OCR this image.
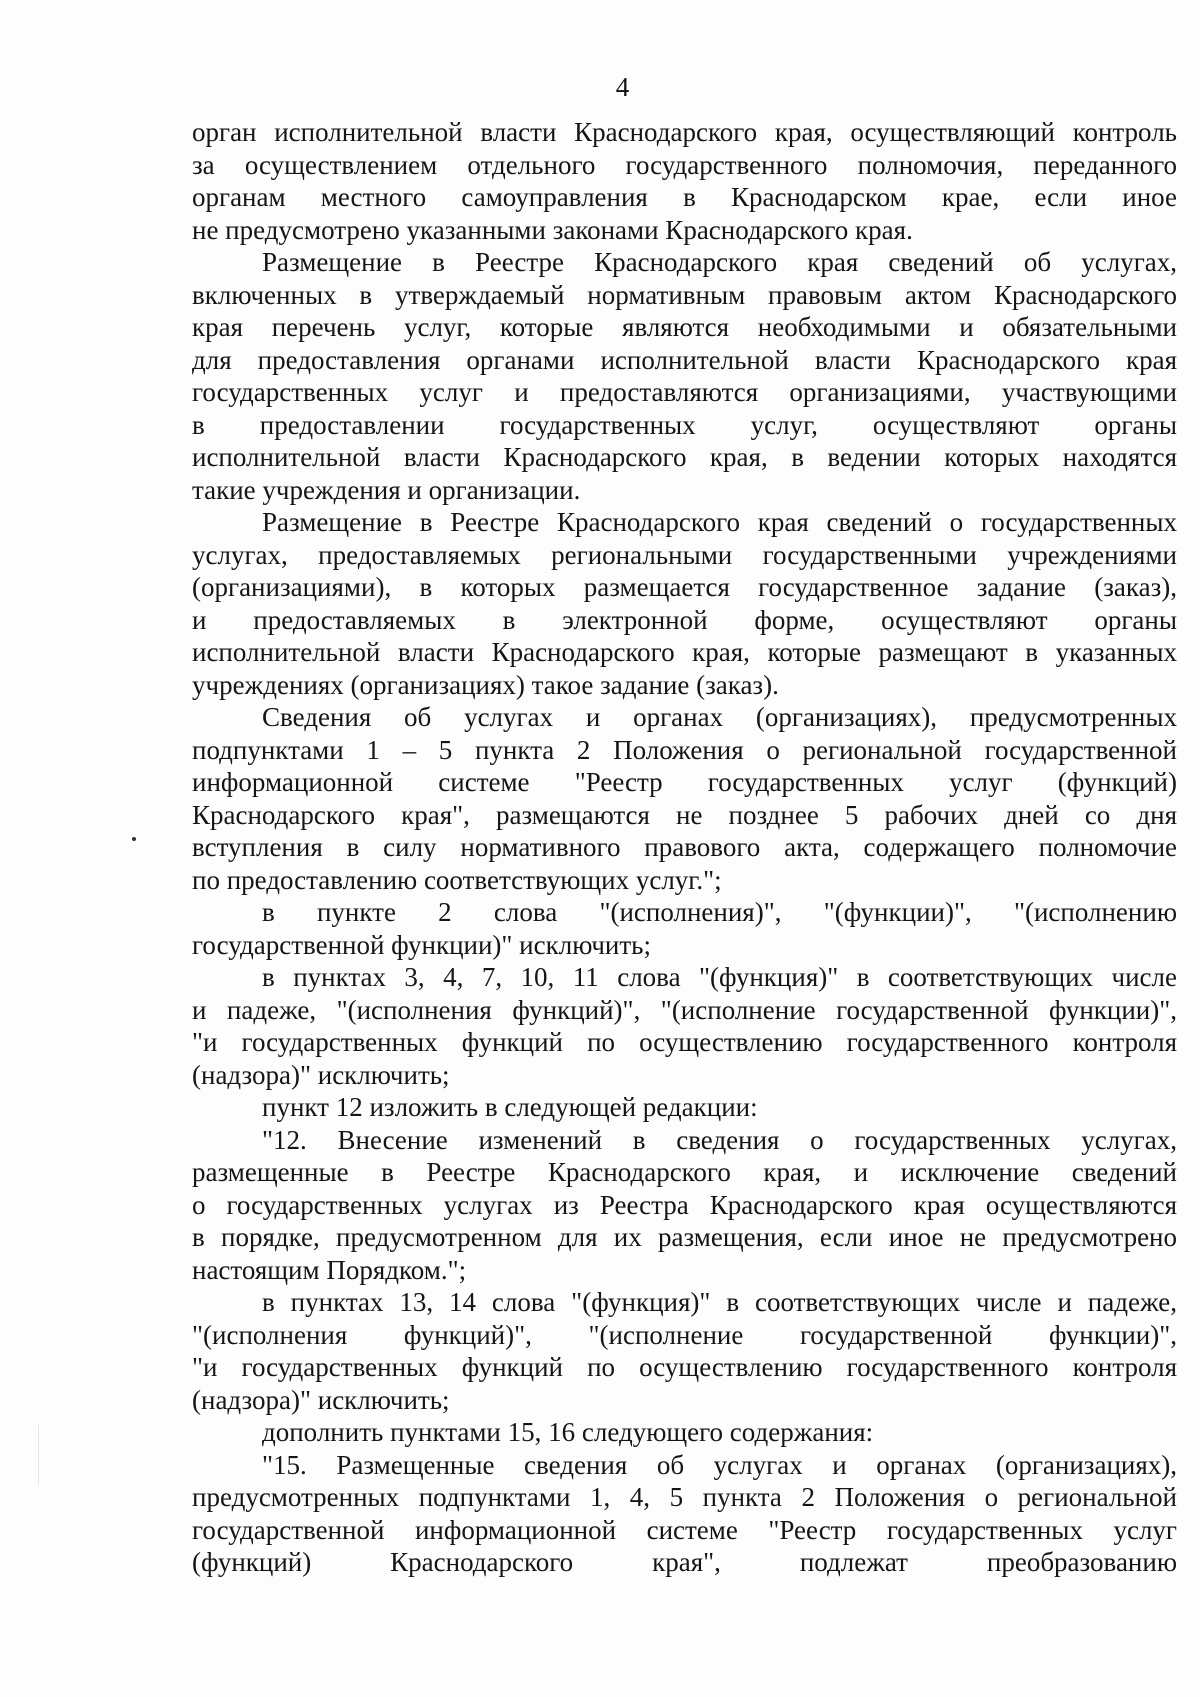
4
орган исполнительной власти Краснодарского края, осуществляющий контроль
за осуществлением отдельного государственного полномочия, переданного
органам местного самоуправления в Краснодарском крае, если иное
не предусмотрено указанными законами Краснодарского края.
Размещение в Реестре Краснодарского края сведений об услугах,
включенных в утверждаемый нормативным правовым актом Краснодарского
края перечень услуг, которые являются необходимыми и обязательными
для предоставления органами исполнительной власти Краснодарского края
государственных услуг и предоставляются организациями, участвующими
в предоставлении государственных услуг, осуществляют органы
исполнительной власти Краснодарского края, в ведении которых находятся
такие учреждения и организации.
Размещение в Реестре Краснодарского края сведений о государственных
услугах, предоставляемых региональными государственными учреждениями
(организациями), в которых размещается государственное задание (заказ),
и предоставляемых в электронной форме, осуществляют органы
исполнительной власти Краснодарского края, которые размещают в указанных
учреждениях (организациях) такое задание (заказ).
Сведения об услугах и органах (организациях), предусмотренных
подпунктами 1 – 5 пункта 2 Положения о региональной государственной
информационной системе "Реестр государственных услуг (функций)
Краснодарского края", размещаются не позднее 5 рабочих дней со дня
вступления в силу нормативного правового акта, содержащего полномочие
по предоставлению соответствующих услуг.";
в пункте 2 слова "(исполнения)", "(функции)", "(исполнению
государственной функции)" исключить;
в пунктах 3, 4, 7, 10, 11 слова "(функция)" в соответствующих числе
и падеже, "(исполнения функций)", "(исполнение государственной функции)",
"и государственных функций по осуществлению государственного контроля
(надзора)" исключить;
пункт 12 изложить в следующей редакции:
"12. Внесение изменений в сведения о государственных услугах,
размещенные в Реестре Краснодарского края, и исключение сведений
о государственных услугах из Реестра Краснодарского края осуществляются
в порядке, предусмотренном для их размещения, если иное не предусмотрено
настоящим Порядком.";
в пунктах 13, 14 слова "(функция)" в соответствующих числе и падеже,
"(исполнения функций)", "(исполнение государственной функции)",
"и государственных функций по осуществлению государственного контроля
(надзора)" исключить;
дополнить пунктами 15, 16 следующего содержания:
"15. Размещенные сведения об услугах и органах (организациях),
предусмотренных подпунктами 1, 4, 5 пункта 2 Положения о региональной
государственной информационной системе "Реестр государственных услуг
(функций) Краснодарского края", подлежат преобразованию
